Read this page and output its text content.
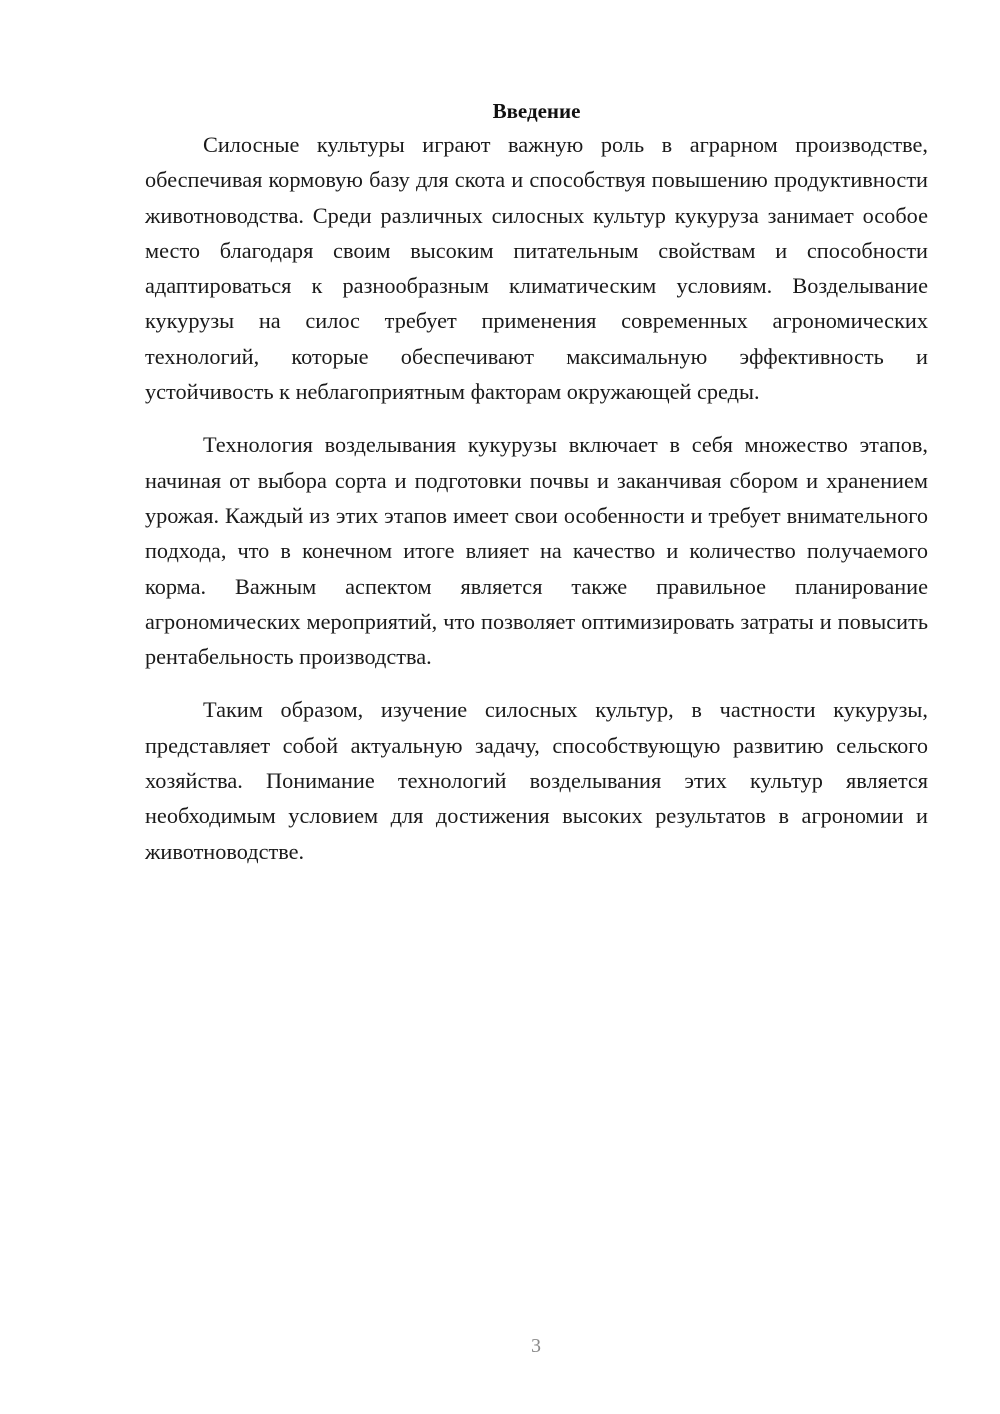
Введение

Силосные культуры играют важную роль в аграрном производстве, обеспечивая кормовую базу для скота и способствуя повышению продуктивности животноводства. Среди различных силосных культур кукуруза занимает особое место благодаря своим высоким питательным свойствам и способности адаптироваться к разнообразным климатическим условиям. Возделывание кукурузы на силос требует применения современных агрономических технологий, которые обеспечивают максимальную эффективность и устойчивость к неблагоприятным факторам окружающей среды.

Технология возделывания кукурузы включает в себя множество этапов, начиная от выбора сорта и подготовки почвы и заканчивая сбором и хранением урожая. Каждый из этих этапов имеет свои особенности и требует внимательного подхода, что в конечном итоге влияет на качество и количество получаемого корма. Важным аспектом является также правильное планирование агрономических мероприятий, что позволяет оптимизировать затраты и повысить рентабельность производства.

Таким образом, изучение силосных культур, в частности кукурузы, представляет собой актуальную задачу, способствующую развитию сельского хозяйства. Понимание технологий возделывания этих культур является необходимым условием для достижения высоких результатов в агрономии и животноводстве.

3
